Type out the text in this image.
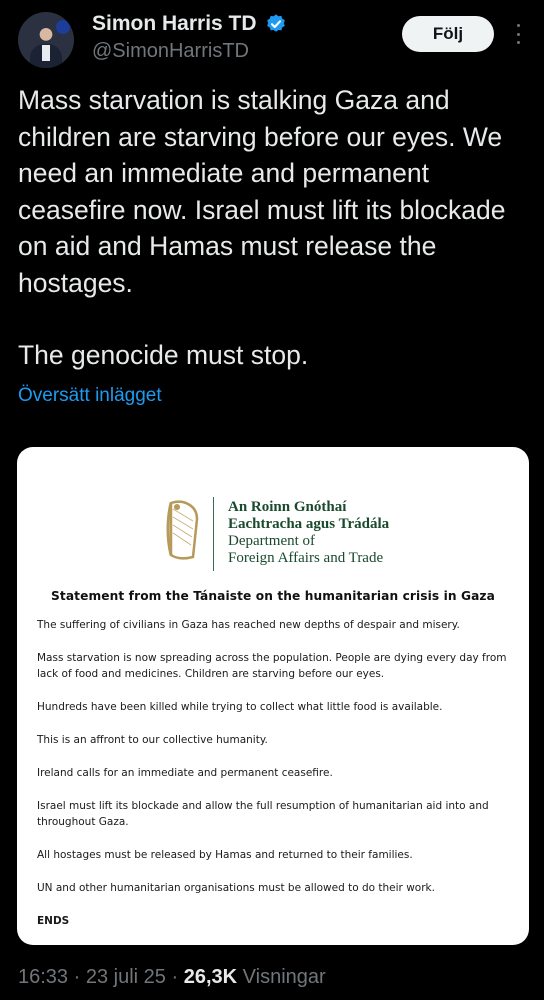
Simon Harris TD
@SimonHarrisTD
Följ

Mass starvation is stalking Gaza and children are starving before our eyes. We need an immediate and permanent ceasefire now. Israel must lift its blockade on aid and Hamas must release the hostages.

The genocide must stop.

Översätt inlägget
An Roinn Gnóthaí
Eachtracha agus Trádála
Department of
Foreign Affairs and Trade
Statement from the Tánaiste on the humanitarian crisis in Gaza

The suffering of civilians in Gaza has reached new depths of despair and misery.

Mass starvation is now spreading across the population. People are dying every day from lack of food and medicines. Children are starving before our eyes.

Hundreds have been killed while trying to collect what little food is available.

This is an affront to our collective humanity.

Ireland calls for an immediate and permanent ceasefire.

Israel must lift its blockade and allow the full resumption of humanitarian aid into and throughout Gaza.

All hostages must be released by Hamas and returned to their families.

UN and other humanitarian organisations must be allowed to do their work.

ENDS

16:33 · 23 juli 25 · 26,3K Visningar
